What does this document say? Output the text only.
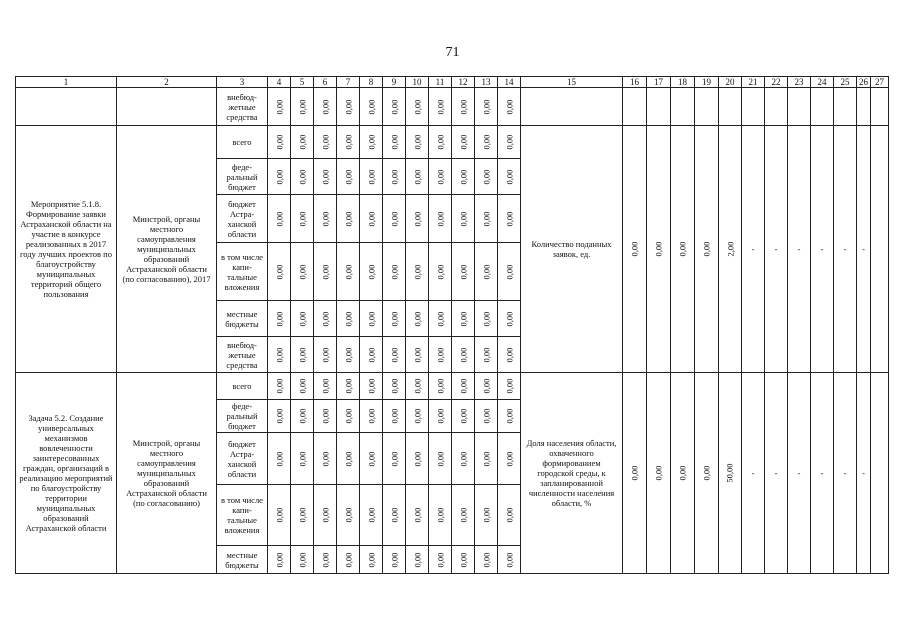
71
1	2	3	4	5	6	7	8	9	10	11	12	13	14	15	16	17	18	19	20	21	22	23	24	25	26	27	
		внебюд-жетные средства	0,00	0,00	0,00	0,00	0,00	0,00	0,00	0,00	0,00	0,00	0,00														
Мероприятие 5.1.8. Формирование заявки Астраханской области на участие в конкурсе реализованных в 2017 году лучших проектов по благоустройству муниципальных территорий общего пользования	Минстрой, органы местного самоуправления муниципальных образований Астраханской области (по согласованию), 2017	всего	0,00	0,00	0,00	0,00	0,00	0,00	0,00	0,00	0,00	0,00	0,00	Количество поданных заявок, ед.	0,00	0,00	0,00	0,00	2,00	-	-	-	-	-	-		
		феде-ральный бюджет	0,00	0,00	0,00	0,00	0,00	0,00	0,00	0,00	0,00	0,00	0,00														
		бюджет Астра-ханской области	0,00	0,00	0,00	0,00	0,00	0,00	0,00	0,00	0,00	0,00	0,00														
		в том числе капи-тальные вложения	0,00	0,00	0,00	0,00	0,00	0,00	0,00	0,00	0,00	0,00	0,00														
		местные бюджеты	0,00	0,00	0,00	0,00	0,00	0,00	0,00	0,00	0,00	0,00	0,00														
		внебюд-жетные средства	0,00	0,00	0,00	0,00	0,00	0,00	0,00	0,00	0,00	0,00	0,00														
Задача 5.2. Создание универсальных механизмов вовлеченности заинтересованных граждан, организаций в реализацию мероприятий по благоустройству территории муниципальных образований Астраханской области	Минстрой, органы местного самоуправления муниципальных образований Астраханской области (по согласованию)	всего	0,00	0,00	0,00	0,00	0,00	0,00	0,00	0,00	0,00	0,00	0,00	Доля населения области, охваченного формированием городской среды, к запланированной численности населения области, %	0,00	0,00	0,00	0,00	50,00	-	-	-	-	-	-		
		феде-ральный бюджет	0,00	0,00	0,00	0,00	0,00	0,00	0,00	0,00	0,00	0,00	0,00														
		бюджет Астра-ханской области	0,00	0,00	0,00	0,00	0,00	0,00	0,00	0,00	0,00	0,00	0,00														
		в том числе капи-тальные вложения	0,00	0,00	0,00	0,00	0,00	0,00	0,00	0,00	0,00	0,00	0,00														
		местные бюджеты	0,00	0,00	0,00	0,00	0,00	0,00	0,00	0,00	0,00	0,00	0,00														
